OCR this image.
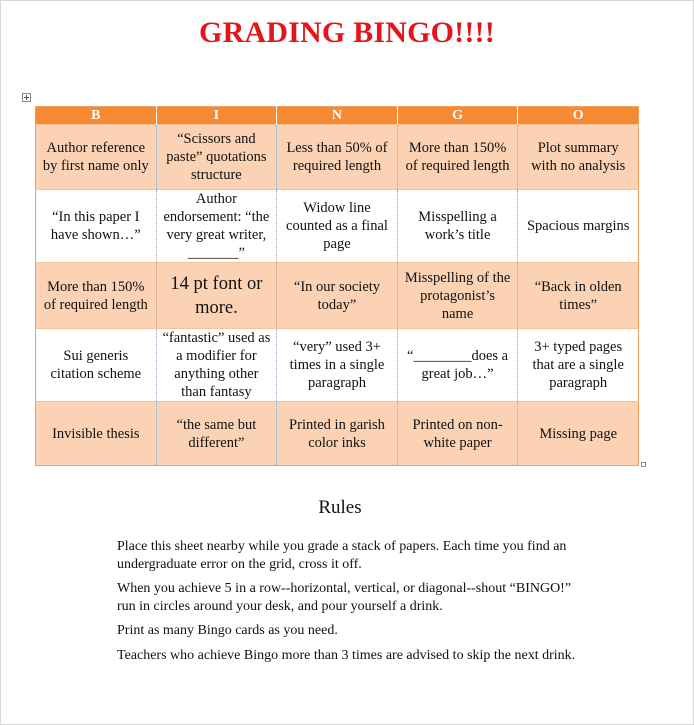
GRADING BINGO!!!!
B	I	N	G	O
Author reference by first name only	“Scissors and paste” quotations structure	Less than 50% of required length	More than 150% of required length	Plot summary with no analysis
“In this paper I have shown…”	Author endorsement: “the very great writer, _______”	Widow line counted as a final page	Misspelling a work’s title	Spacious margins
More than 150% of required length	14 pt font or more.	“In our society today”	Misspelling of the protagonist’s name	“Back in olden times”
Sui generis citation scheme	“fantastic” used as a modifier for anything other than fantasy	“very” used 3+ times in a single paragraph	“________does a great job…”	3+ typed pages that are a single paragraph
Invisible thesis	“the same but different”	Printed in garish color inks	Printed on non-white paper	Missing page
Rules

Place this sheet nearby while you grade a stack of papers. Each time you find an undergraduate error on the grid, cross it off.

When you achieve 5 in a row--horizontal, vertical, or diagonal--shout “BINGO!” run in circles around your desk, and pour yourself a drink.

Print as many Bingo cards as you need.

Teachers who achieve Bingo more than 3 times are advised to skip the next drink.
